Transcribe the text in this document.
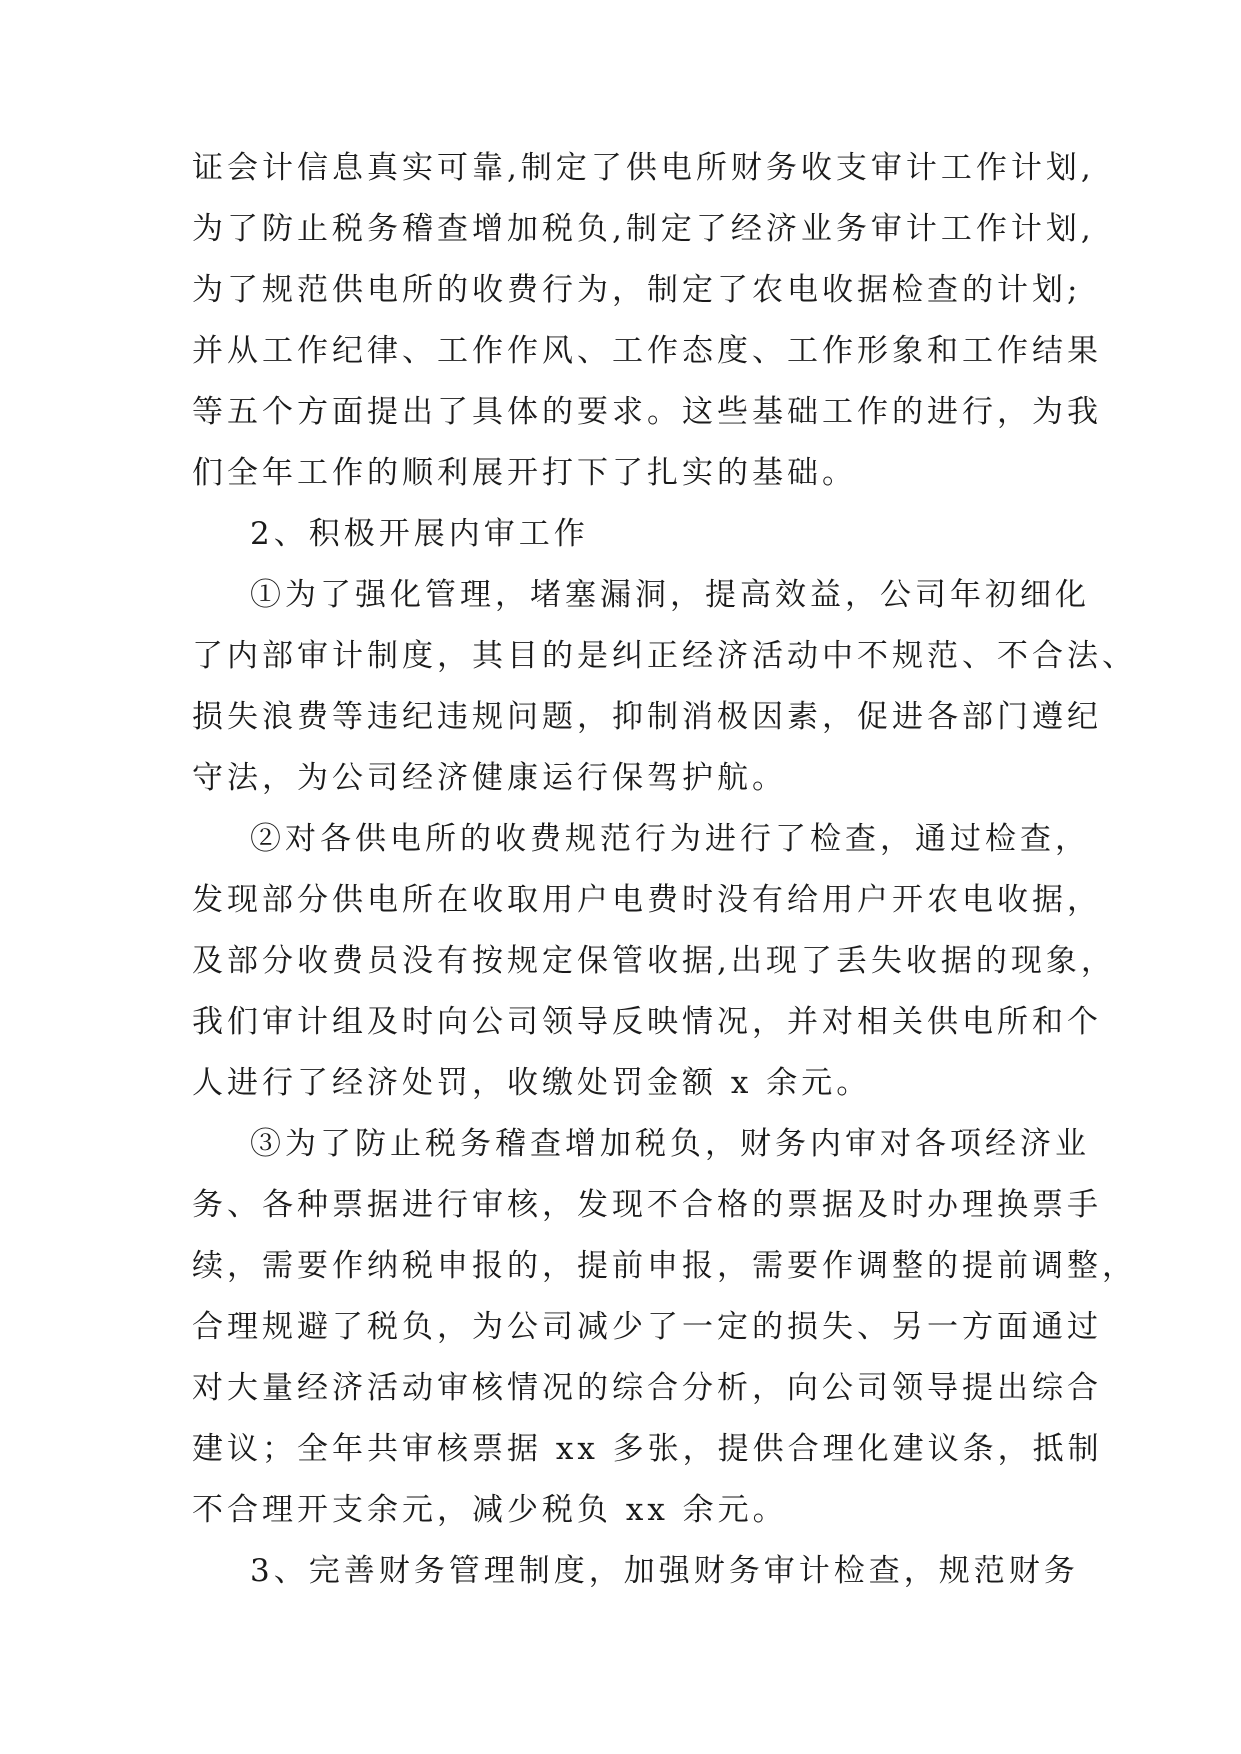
证会计信息真实可靠,制定了供电所财务收支审计工作计划,
为了防止税务稽查增加税负,制定了经济业务审计工作计划,
为了规范供电所的收费行为，制定了农电收据检查的计划;
并从工作纪律、工作作风、工作态度、工作形象和工作结果
等五个方面提出了具体的要求。这些基础工作的进行，为我
们全年工作的顺利展开打下了扎实的基础。
2、积极开展内审工作
①为了强化管理，堵塞漏洞，提高效益，公司年初细化
了内部审计制度，其目的是纠正经济活动中不规范、不合法、
损失浪费等违纪违规问题，抑制消极因素，促进各部门遵纪
守法，为公司经济健康运行保驾护航。
②对各供电所的收费规范行为进行了检查，通过检查，
发现部分供电所在收取用户电费时没有给用户开农电收据，
及部分收费员没有按规定保管收据,出现了丢失收据的现象，
我们审计组及时向公司领导反映情况，并对相关供电所和个
人进行了经济处罚，收缴处罚金额 x 余元。
③为了防止税务稽查增加税负，财务内审对各项经济业
务、各种票据进行审核，发现不合格的票据及时办理换票手
续，需要作纳税申报的，提前申报，需要作调整的提前调整，
合理规避了税负，为公司减少了一定的损失、另一方面通过
对大量经济活动审核情况的综合分析，向公司领导提出综合
建议；全年共审核票据 xx 多张，提供合理化建议条，抵制
不合理开支余元，减少税负 xx 余元。
3、完善财务管理制度，加强财务审计检查，规范财务
